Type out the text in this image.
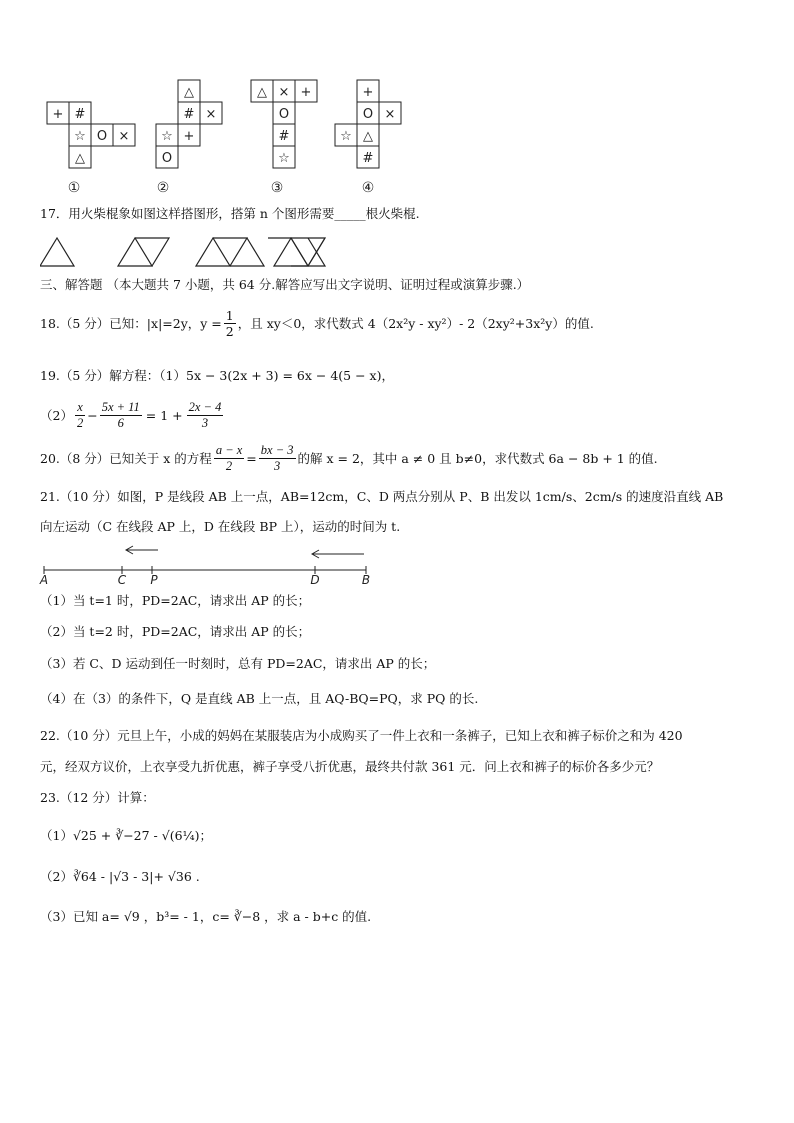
+ #
☆ O ×
△
△
# ×
☆ +
O
△ × +
O
#
☆
+
O ×
☆ △
#
①	②	③	④
17．用火柴棍象如图这样搭图形，搭第 n 个图形需要_____根火柴棍.
三、解答题 （本大题共 7 小题，共 64 分.解答应写出文字说明、证明过程或演算步骤.）
18.（5 分）已知：|x|=2y，$y = \frac{1}{2}$ ，且 xy＜0，求代数式 4（2x²y - xy²）- 2（2xy²+3x²y）的值.
19.（5 分）解方程：（1）5x − 3(2x + 3) = 6x − 4(5 − x)，
$(2) \frac{x}{2} - \frac{5x + 11}{6} = 1 + \frac{2x - 4}{3}$
20.（8 分）已知关于 x 的方程 $\frac{a - x}{2} = \frac{bx - 3}{3}$ 的解 x = 2，其中 a ≠ 0 且 b≠0，求代数式 6a − 8b + 1 的值.
21.（10 分）如图，P 是线段 AB 上一点，AB=12cm，C、D 两点分别从 P、B 出发以 1cm/s、2cm/s 的速度沿直线 AB
向左运动（C 在线段 AP 上，D 在线段 BP 上），运动的时间为 t.
A	C P	D	B
（1）当 t=1 时，PD=2AC，请求出 AP 的长；
（2）当 t=2 时，PD=2AC，请求出 AP 的长；
（3）若 C、D 运动到任一时刻时，总有 PD=2AC，请求出 AP 的长；
（4）在（3）的条件下，Q 是直线 AB 上一点，且 AQ-BQ=PQ，求 PQ 的长.
22.（10 分）元旦上午，小成的妈妈在某服装店为小成购买了一件上衣和一条裤子，已知上衣和裤子标价之和为 420
元，经双方议价，上衣享受九折优惠，裤子享受八折优惠，最终共付款 361 元．问上衣和裤子的标价各多少元？
23.（12 分）计算：
（1）√25 + ∛−27 - √(6¼)；
（2）∛64 - |√3 - 3|+ √36 .
（3）已知 a= √9 ，b³= - 1，c= ∛−8 ，求 a - b+c 的值.
